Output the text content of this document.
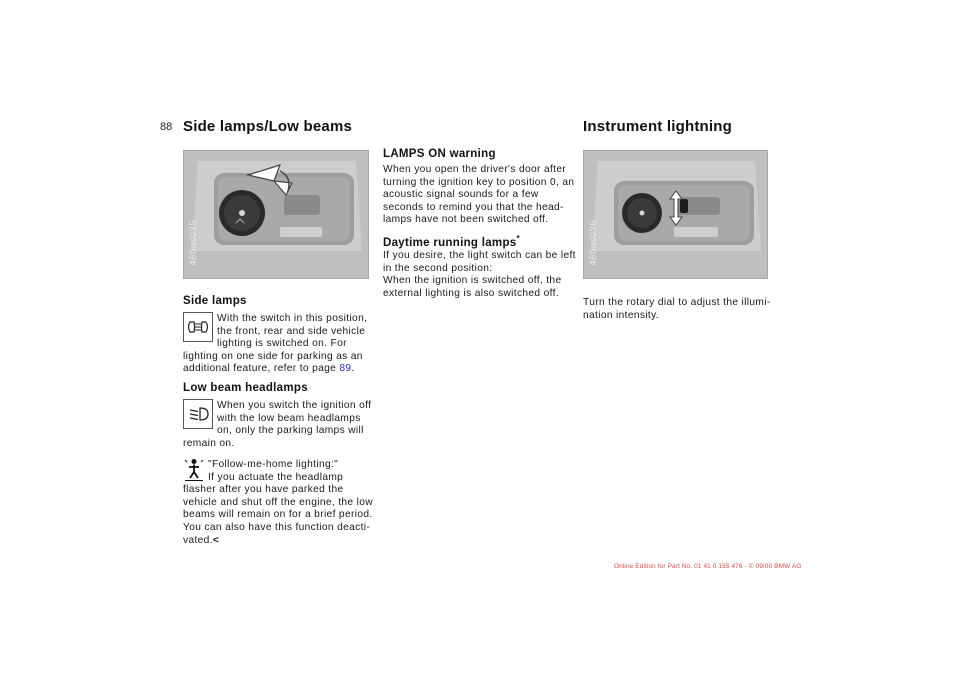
88 Side lamps/Low beams
460us035
Side lamps

With the switch in this position,

the front, rear and side vehicle

lighting is switched on. For

lighting on one side for parking as an

additional feature, refer to page 89.

Low beam headlamps

When you switch the ignition off

with the low beam headlamps

on, only the parking lamps will

remain on.

"Follow-me-home lighting:"

If you actuate the headlamp

flasher after you have parked the

vehicle and shut off the engine, the low

beams will remain on for a brief period.

You can also have this function deacti-

vated.<

LAMPS ON warning

When you open the driver's door after

turning the ignition key to position 0, an

acoustic signal sounds for a few

seconds to remind you that the head-

lamps have not been switched off.

Daytime running lamps*

If you desire, the light switch can be left

in the second position:

When the ignition is switched off, the

external lighting is also switched off.

Instrument lightning
460us036

Turn the rotary dial to adjust the illumi-

nation intensity.

Online Edition for Part No. 01 41 0 155 476 - © 09/00 BMW AG
